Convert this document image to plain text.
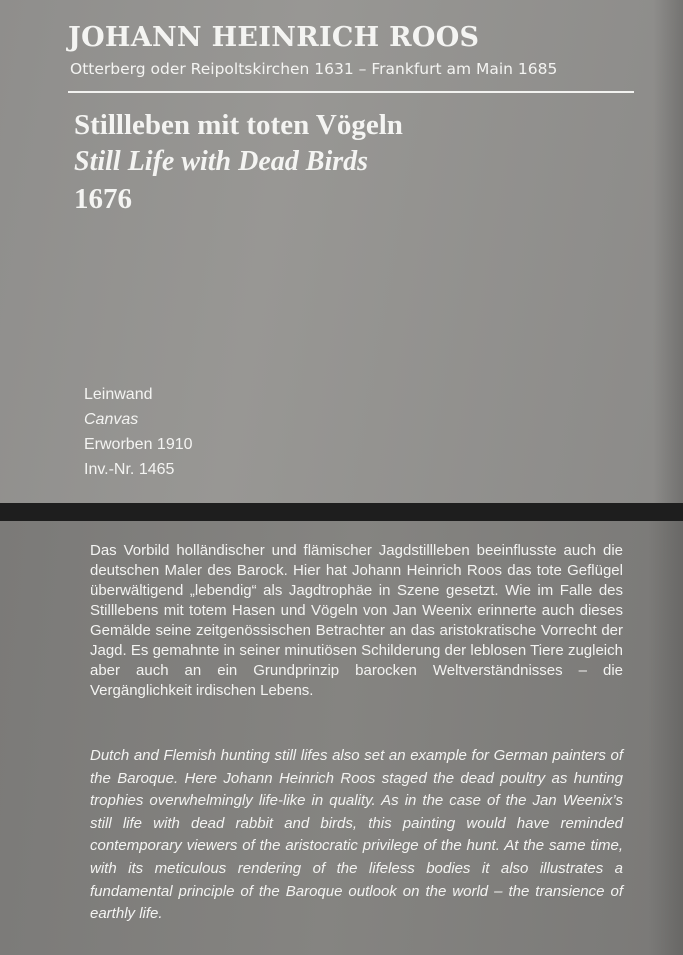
JOHANN HEINRICH ROOS
Otterberg oder Reipoltskirchen 1631 – Frankfurt am Main 1685
Stillleben mit toten Vögeln
Still Life with Dead Birds
1676
Leinwand
Canvas
Erworben 1910
Inv.-Nr. 1465
Das Vorbild holländischer und flämischer Jagdstillleben beeinflusste auch die deutschen Maler des Barock. Hier hat Johann Heinrich Roos das tote Geflügel überwältigend „lebendig“ als Jagdtrophäe in Szene gesetzt. Wie im Falle des Stilllebens mit totem Hasen und Vögeln von Jan Weenix erinnerte auch dieses Gemälde seine zeitgenössischen Betrachter an das aristokratische Vorrecht der Jagd. Es gemahnte in seiner minutiösen Schilderung der leblosen Tiere zugleich aber auch an ein Grundprinzip barocken Weltverständnisses – die Vergänglichkeit irdischen Lebens.
Dutch and Flemish hunting still lifes also set an example for German painters of the Baroque. Here Johann Heinrich Roos staged the dead poultry as hunting trophies overwhelmingly life-like in quality. As in the case of the Jan Weenix’s still life with dead rabbit and birds, this painting would have reminded contemporary viewers of the aristocratic privilege of the hunt. At the same time, with its meticulous rendering of the lifeless bodies it also illustrates a fundamental principle of the Baroque outlook on the world – the transience of earthly life.
